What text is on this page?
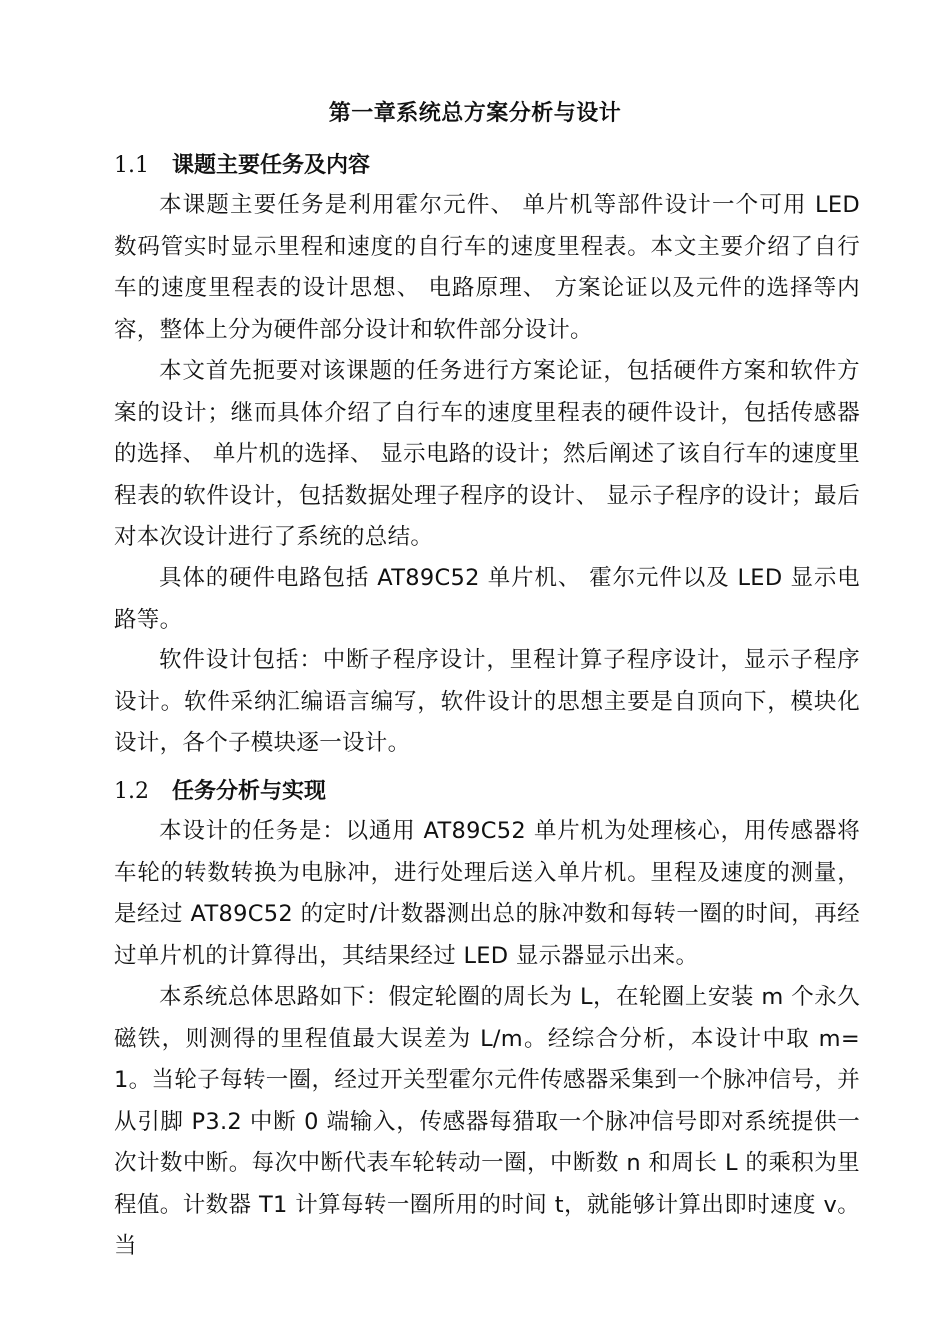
第一章系统总方案分析与设计
1.1 课题主要任务及内容

本课题主要任务是利用霍尔元件、 单片机等部件设计一个可用 LED 数码管实时显示里程和速度的自行车的速度里程表。本文主要介绍了自行车的速度里程表的设计思想、 电路原理、 方案论证以及元件的选择等内容，整体上分为硬件部分设计和软件部分设计。

本文首先扼要对该课题的任务进行方案论证，包括硬件方案和软件方案的设计；继而具体介绍了自行车的速度里程表的硬件设计，包括传感器的选择、 单片机的选择、 显示电路的设计；然后阐述了该自行车的速度里程表的软件设计，包括数据处理子程序的设计、 显示子程序的设计；最后对本次设计进行了系统的总结。

具体的硬件电路包括 AT89C52 单片机、 霍尔元件以及 LED 显示电路等。

软件设计包括：中断子程序设计，里程计算子程序设计，显示子程序设计。软件采纳汇编语言编写，软件设计的思想主要是自顶向下，模块化设计，各个子模块逐一设计。

1.2 任务分析与实现

本设计的任务是：以通用 AT89C52 单片机为处理核心，用传感器将车轮的转数转换为电脉冲，进行处理后送入单片机。里程及速度的测量，是经过 AT89C52 的定时/计数器测出总的脉冲数和每转一圈的时间，再经过单片机的计算得出，其结果经过 LED 显示器显示出来。

本系统总体思路如下：假定轮圈的周长为 L，在轮圈上安装 m 个永久磁铁，则测得的里程值最大误差为 L/m。经综合分析，本设计中取 m=1。当轮子每转一圈，经过开关型霍尔元件传感器采集到一个脉冲信号，并从引脚 P3.2 中断 0 端输入，传感器每猎取一个脉冲信号即对系统提供一次计数中断。每次中断代表车轮转动一圈，中断数 n 和周长 L 的乘积为里程值。计数器 T1 计算每转一圈所用的时间 t，就能够计算出即时速度 v。当
